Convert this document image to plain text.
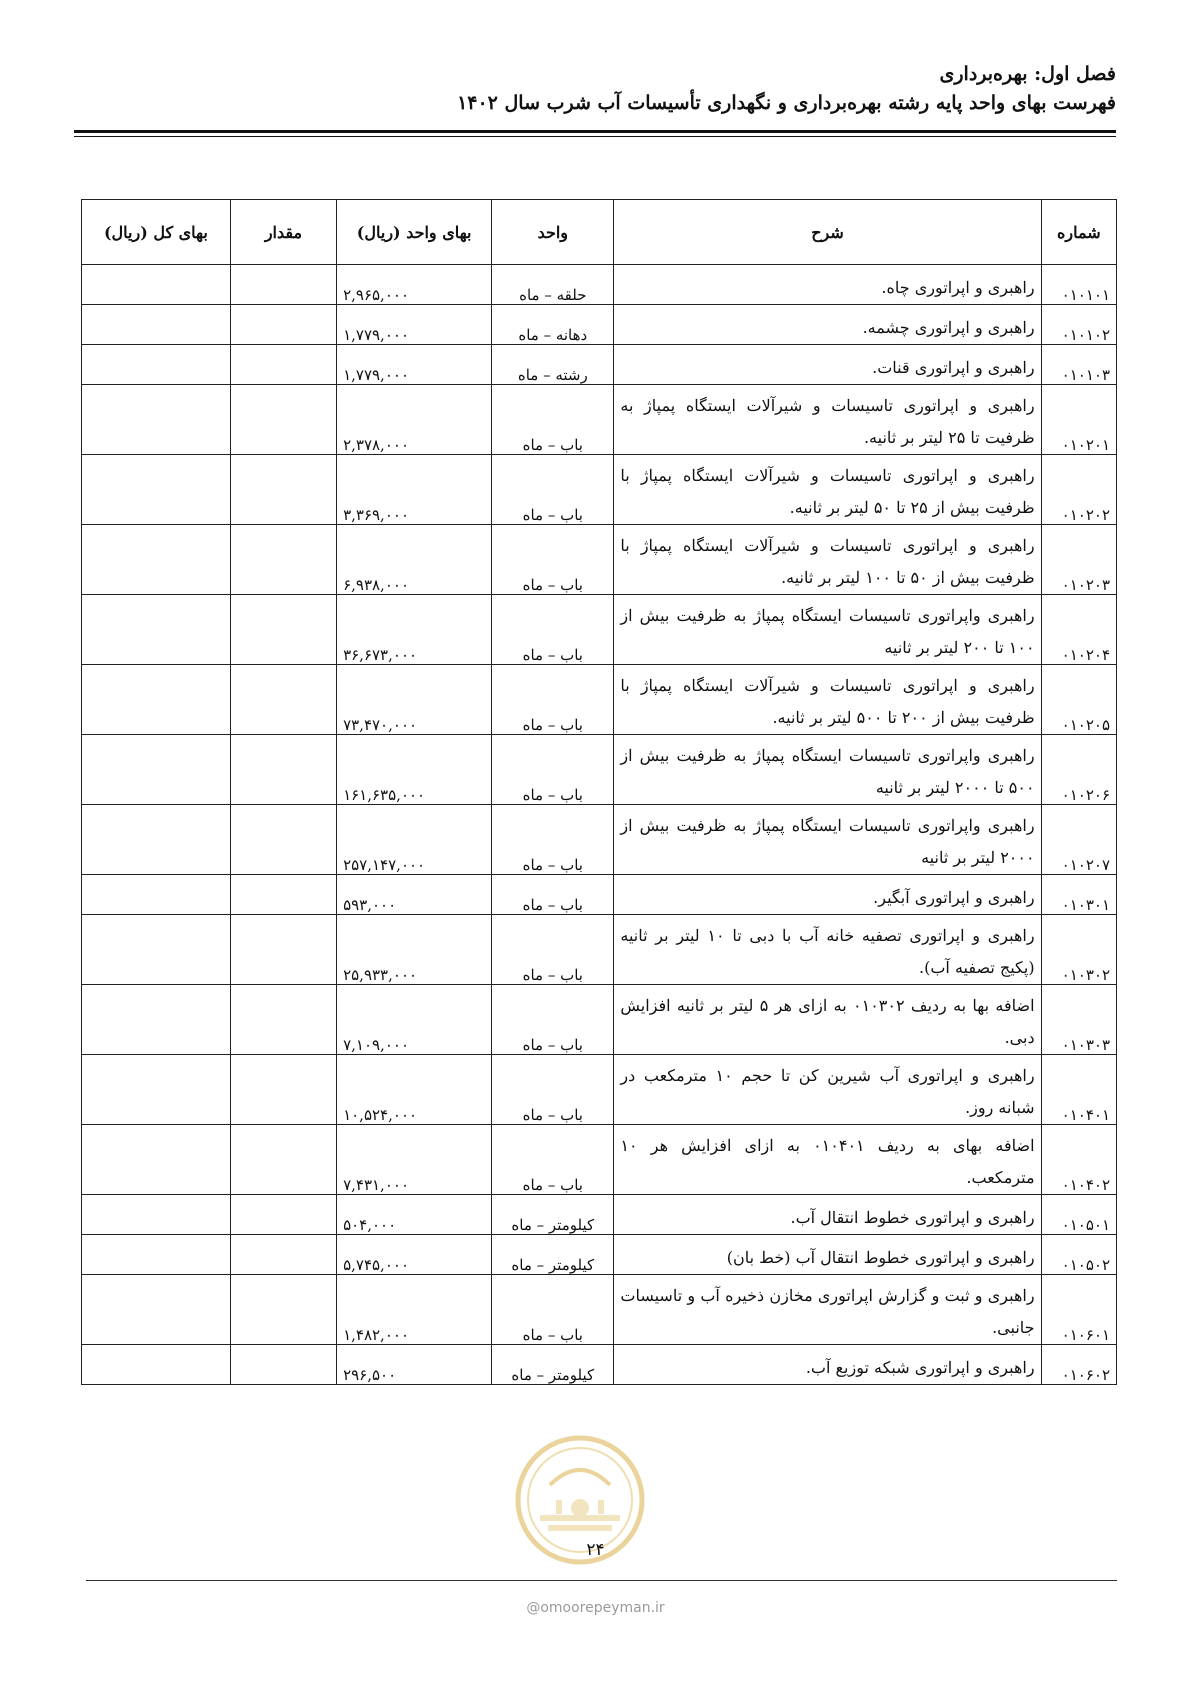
فصل اول: بهره‌برداری
فهرست بهای واحد پایه رشته بهره‌برداری و نگهداری تأسیسات آب شرب سال ۱۴۰۲
شماره	شرح	واحد	بهای واحد (ریال)	مقدار	بهای کل (ریال)
۰۱۰۱۰۱	راهبری و اپراتوری چاه.	حلقه – ماه	۲,۹۶۵,۰۰۰		
۰۱۰۱۰۲	راهبری و اپراتوری چشمه.	دهانه – ماه	۱,۷۷۹,۰۰۰		
۰۱۰۱۰۳	راهبری و اپراتوری قنات.	رشته – ماه	۱,۷۷۹,۰۰۰		
۰۱۰۲۰۱	راهبری و اپراتوری تاسیسات و شیرآلات ایستگاه پمپاژ به ظرفیت تا ۲۵ لیتر بر ثانیه.	باب – ماه	۲,۳۷۸,۰۰۰		
۰۱۰۲۰۲	راهبری و اپراتوری تاسیسات و شیرآلات ایستگاه پمپاژ با ظرفیت بیش از ۲۵ تا ۵۰ لیتر بر ثانیه.	باب – ماه	۳,۳۶۹,۰۰۰		
۰۱۰۲۰۳	راهبری و اپراتوری تاسیسات و شیرآلات ایستگاه پمپاژ با ظرفیت بیش از ۵۰ تا ۱۰۰ لیتر بر ثانیه.	باب – ماه	۶,۹۳۸,۰۰۰		
۰۱۰۲۰۴	راهبری واپراتوری تاسیسات ایستگاه پمپاژ به ظرفیت بیش از ۱۰۰ تا ۲۰۰ لیتر بر ثانیه	باب – ماه	۳۶,۶۷۳,۰۰۰		
۰۱۰۲۰۵	راهبری و اپراتوری تاسیسات و شیرآلات ایستگاه پمپاژ با ظرفیت بیش از ۲۰۰ تا ۵۰۰ لیتر بر ثانیه.	باب – ماه	۷۳,۴۷۰,۰۰۰		
۰۱۰۲۰۶	راهبری واپراتوری تاسیسات ایستگاه پمپاژ به ظرفیت بیش از ۵۰۰ تا ۲۰۰۰ لیتر بر ثانیه	باب – ماه	۱۶۱,۶۳۵,۰۰۰		
۰۱۰۲۰۷	راهبری واپراتوری تاسیسات ایستگاه پمپاژ به ظرفیت بیش از ۲۰۰۰ لیتر بر ثانیه	باب – ماه	۲۵۷,۱۴۷,۰۰۰		
۰۱۰۳۰۱	راهبری و اپراتوری آبگیر.	باب – ماه	۵۹۳,۰۰۰		
۰۱۰۳۰۲	راهبری و اپراتوری تصفیه خانه آب با دبی تا ۱۰ لیتر بر ثانیه (پکیج تصفیه آب).	باب – ماه	۲۵,۹۳۳,۰۰۰		
۰۱۰۳۰۳	اضافه بها به ردیف ۰۱۰۳۰۲ به ازای هر ۵ لیتر بر ثانیه افزایش دبی.	باب – ماه	۷,۱۰۹,۰۰۰		
۰۱۰۴۰۱	راهبری و اپراتوری آب شیرین کن تا حجم ۱۰ مترمکعب در شبانه روز.	باب – ماه	۱۰,۵۲۴,۰۰۰		
۰۱۰۴۰۲	اضافه بهای به ردیف ۰۱۰۴۰۱ به ازای افزایش هر ۱۰ مترمکعب.	باب – ماه	۷,۴۳۱,۰۰۰		
۰۱۰۵۰۱	راهبری و اپراتوری خطوط انتقال آب.	کیلومتر – ماه	۵۰۴,۰۰۰		
۰۱۰۵۰۲	راهبری و اپراتوری خطوط انتقال آب (خط بان)	کیلومتر – ماه	۵,۷۴۵,۰۰۰		
۰۱۰۶۰۱	راهبری و ثبت و گزارش اپراتوری مخازن ذخیره آب و تاسیسات جانبی.	باب – ماه	۱,۴۸۲,۰۰۰		
۰۱۰۶۰۲	راهبری و اپراتوری شبکه توزیع آب.	کیلومتر – ماه	۲۹۶,۵۰۰		
۲۴
@omoorepeyman.ir
